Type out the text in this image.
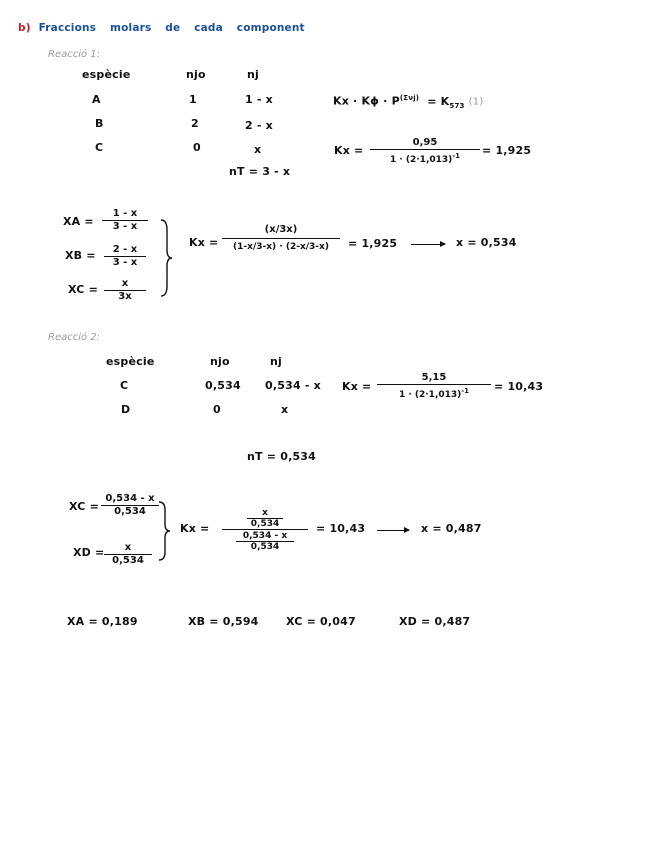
b) Fraccions molars de cada component
Reacció 1:
espècie	njo	nj
A	1	1 - x
B	2	2 - x
C	0	x
nT = 3 - x
Kx · Kɸ · $P^{(\Sigma\nu j)} = K_{573}$ (1)
$Kx = \frac{0,95}{1 \cdot (2\cdot 1,013)^{-1}} = 1,925$
XA = $\frac{1 - x}{3 - x}$
XB = $\frac{2 - x}{3 - x}$
XC = $\frac{x}{3x}$
$Kx = \frac{(x/3x)}{(1-x/3-x) \cdot (2-x/3-x)} = 1,925$	x = 0,534
Reacció 2:
espècie	njo	nj
C	0,534 0,534 - x
D	0	x
$Kx = \frac{5,15}{1 \cdot (2\cdot 1,013)^{-1}} = 10,43$
nT = 0,534
XC = $\frac{0,534 - x}{0,534}$
XD = $\frac{x}{0,534}$
$Kx = \frac{\frac{x}{0,534}}{\frac{0,534 - x}{0,534}} = 10,43$	x = 0,487
XA = 0,189	XB = 0,594 XC = 0,047	XD = 0,487
